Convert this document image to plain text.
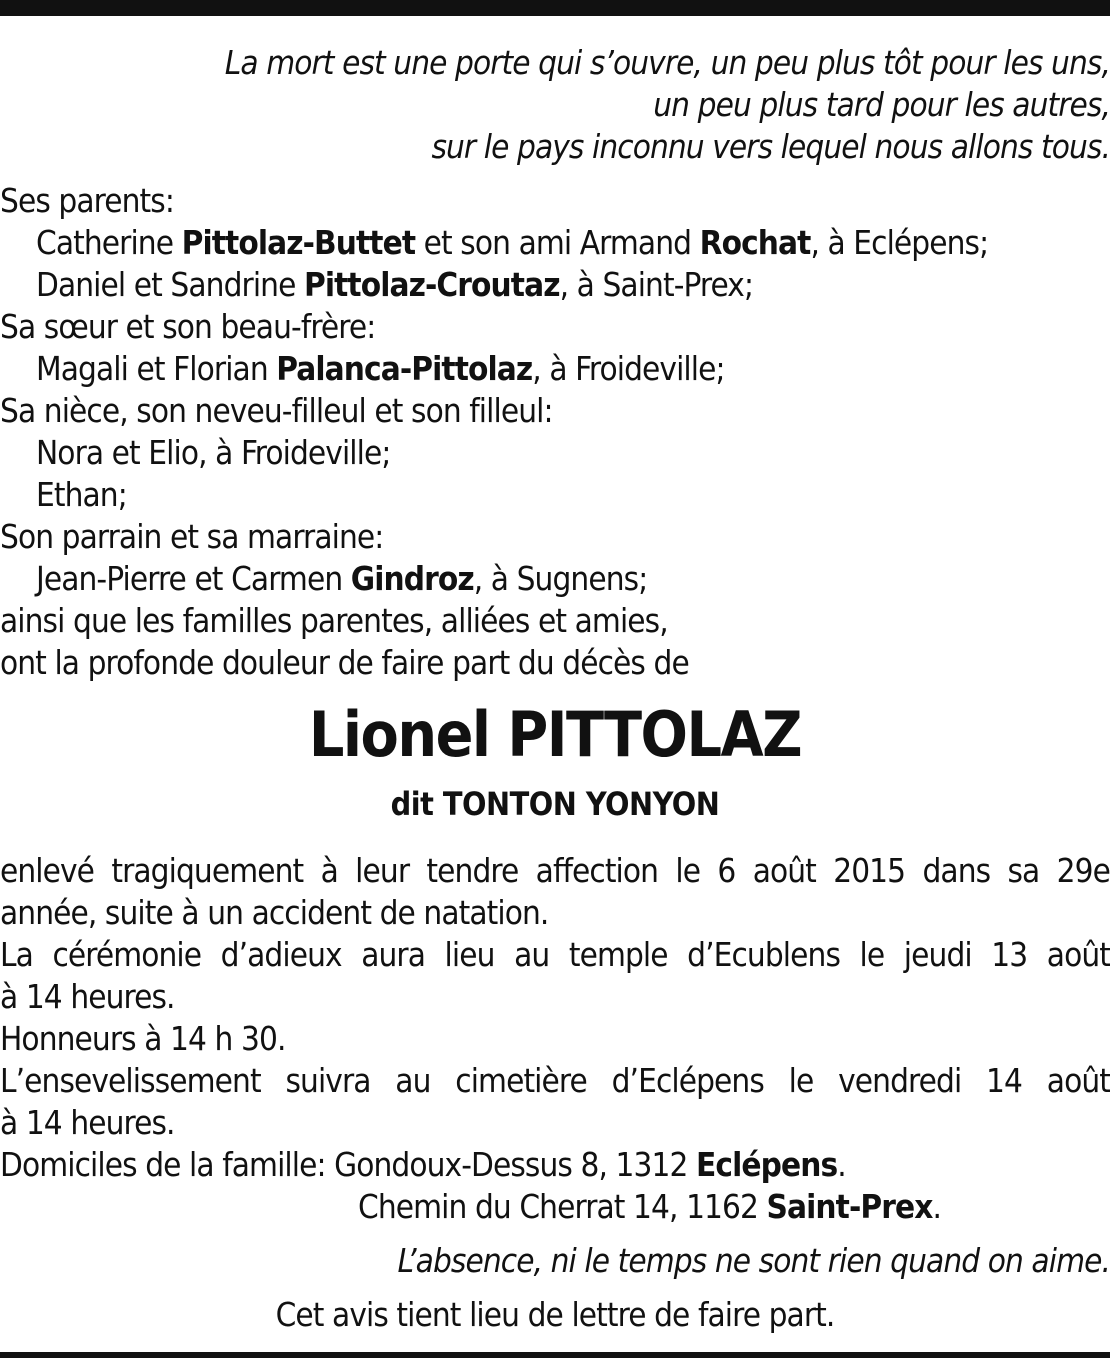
La mort est une porte qui s’ouvre, un peu plus tôt pour les uns,
un peu plus tard pour les autres,
sur le pays inconnu vers lequel nous allons tous.
Ses parents:
Catherine Pittolaz-Buttet et son ami Armand Rochat, à Eclépens;
Daniel et Sandrine Pittolaz-Croutaz, à Saint-Prex;
Sa sœur et son beau-frère:
Magali et Florian Palanca-Pittolaz, à Froideville;
Sa nièce, son neveu-filleul et son filleul:
Nora et Elio, à Froideville;
Ethan;
Son parrain et sa marraine:
Jean-Pierre et Carmen Gindroz, à Sugnens;
ainsi que les familles parentes, alliées et amies,
ont la profonde douleur de faire part du décès de
Lionel PITTOLAZ
dit TONTON YONYON
enlevé tragiquement à leur tendre affection le 6 août 2015 dans sa 29e
année, suite à un accident de natation.
La cérémonie d’adieux aura lieu au temple d’Ecublens le jeudi 13 août
à 14 heures.
Honneurs à 14 h 30.
L’ensevelissement suivra au cimetière d’Eclépens le vendredi 14 août
à 14 heures.
Domiciles de la famille: Gondoux-Dessus 8, 1312 Eclépens.
Chemin du Cherrat 14, 1162 Saint-Prex.
L’absence, ni le temps ne sont rien quand on aime.
Cet avis tient lieu de lettre de faire part.
